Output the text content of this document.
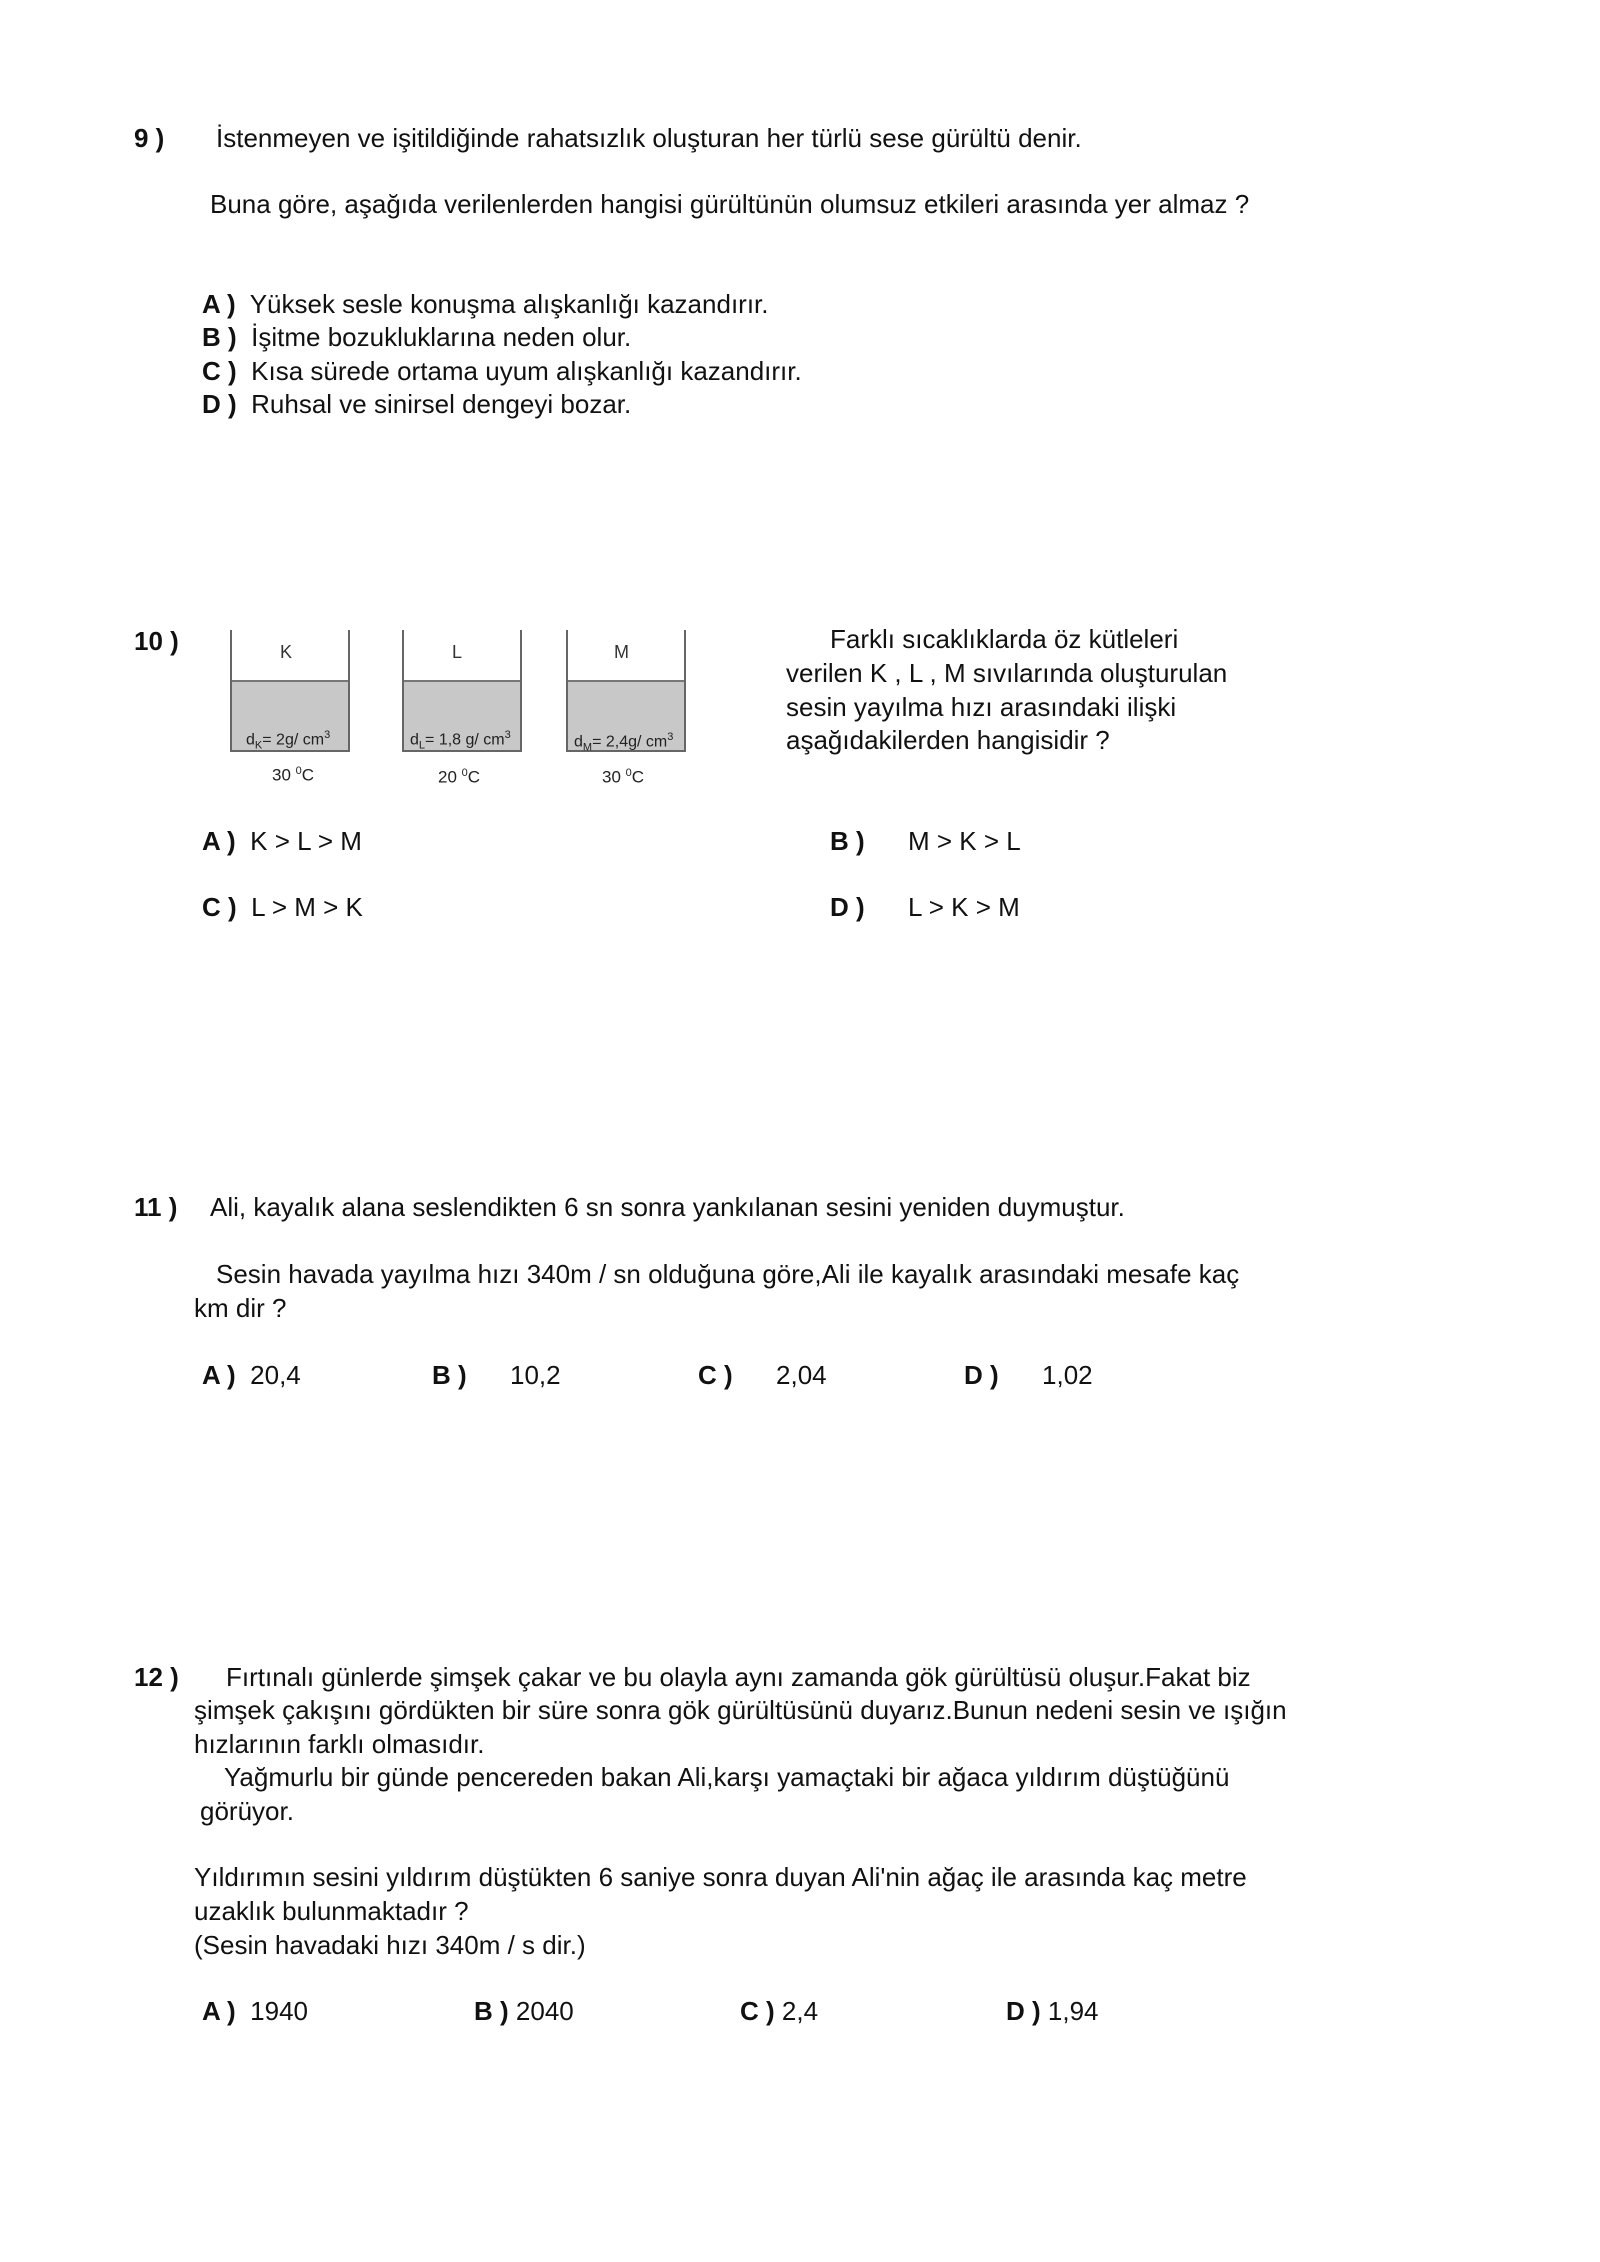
9 ) İstenmeyen ve işitildiğinde rahatsızlık oluşturan her türlü sese gürültü denir.
Buna göre, aşağıda verilenlerden hangisi gürültünün olumsuz etkileri arasında yer almaz ?
A ) Yüksek sesle konuşma alışkanlığı kazandırır.
B ) İşitme bozukluklarına neden olur.
C ) Kısa sürede ortama uyum alışkanlığı kazandırır.
D ) Ruhsal ve sinirsel dengeyi bozar.
10 )	K
$d_K= 2g/$ $cm^3$
30 $^0$C
L
$d_L= 1,8$ g/ $cm^3$
20 $^0$C
M
$d_M= 2,4g/$ $cm^3$
30 $^0$C
Farklı sıcaklıklarda öz kütleleri
verilen K , L , M sıvılarında oluşturulan
sesin yayılma hızı arasındaki ilişki
aşağıdakilerden hangisidir ?
A ) K > L > M	B ) M > K > L
C ) L > M > K	D ) L > K > M
11 ) Ali, kayalık alana seslendikten 6 sn sonra yankılanan sesini yeniden duymuştur.
Sesin havada yayılma hızı 340m / sn olduğuna göre,Ali ile kayalık arasındaki mesafe kaç
km dir ?
A ) 20,4	B ) 10,2	C ) 2,04	D ) 1,02
12 ) Fırtınalı günlerde şimşek çakar ve bu olayla aynı zamanda gök gürültüsü oluşur.Fakat biz
şimşek çakışını gördükten bir süre sonra gök gürültüsünü duyarız.Bunun nedeni sesin ve ışığın
hızlarının farklı olmasıdır.
Yağmurlu bir günde pencereden bakan Ali,karşı yamaçtaki bir ağaca yıldırım düştüğünü
görüyor.
Yıldırımın sesini yıldırım düştükten 6 saniye sonra duyan Ali'nin ağaç ile arasında kaç metre
uzaklık bulunmaktadır ?
(Sesin havadaki hızı 340m / s dir.)
A ) 1940	B ) 2040	C ) 2,4	D ) 1,94
